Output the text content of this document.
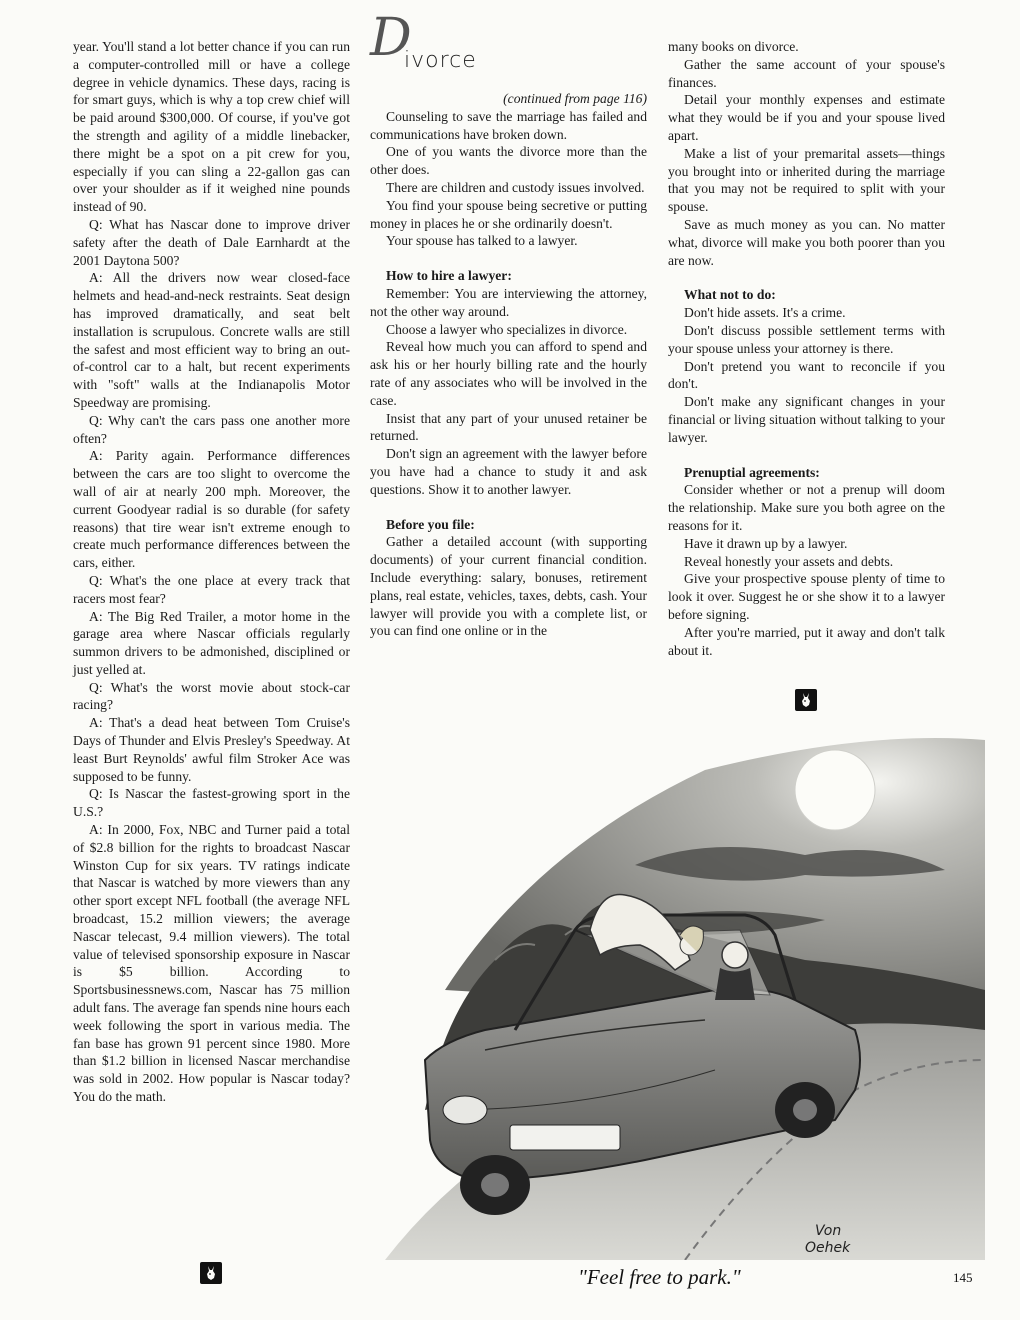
year. You'll stand a lot better chance if you can run a computer-controlled mill or have a college degree in vehicle dynamics. These days, racing is for smart guys, which is why a top crew chief will be paid around $300,000. Of course, if you've got the strength and agility of a middle linebacker, there might be a spot on a pit crew for you, especially if you can sling a 22-gallon gas can over your shoulder as if it weighed nine pounds instead of 90.

Q: What has Nascar done to improve driver safety after the death of Dale Earnhardt at the 2001 Daytona 500?

A: All the drivers now wear closed-face helmets and head-and-neck restraints. Seat design has improved dramatically, and seat belt installation is scrupulous. Concrete walls are still the safest and most efficient way to bring an out-of-control car to a halt, but recent experiments with "soft" walls at the Indianapolis Motor Speedway are promising.

Q: Why can't the cars pass one another more often?

A: Parity again. Performance differences between the cars are too slight to overcome the wall of air at nearly 200 mph. Moreover, the current Goodyear radial is so durable (for safety reasons) that tire wear isn't extreme enough to create much performance differences between the cars, either.

Q: What's the one place at every track that racers most fear?

A: The Big Red Trailer, a motor home in the garage area where Nascar officials regularly summon drivers to be admonished, disciplined or just yelled at.

Q: What's the worst movie about stock-car racing?

A: That's a dead heat between Tom Cruise's Days of Thunder and Elvis Presley's Speedway. At least Burt Reynolds' awful film Stroker Ace was supposed to be funny.

Q: Is Nascar the fastest-growing sport in the U.S.?

A: In 2000, Fox, NBC and Turner paid a total of $2.8 billion for the rights to broadcast Nascar Winston Cup for six years. TV ratings indicate that Nascar is watched by more viewers than any other sport except NFL football (the average NFL broadcast, 15.2 million viewers; the average Nascar telecast, 9.4 million viewers). The total value of televised sponsorship exposure in Nascar is $5 billion. According to Sportsbusinessnews.com, Nascar has 75 million adult fans. The average fan spends nine hours each week following the sport in various media. The fan base has grown 91 percent since 1980. More than $1.2 billion in licensed Nascar merchandise was sold in 2002. How popular is Nascar today? You do the math.

D
ivorce

(continued from page 116)

Counseling to save the marriage has failed and communications have broken down.

One of you wants the divorce more than the other does.

There are children and custody issues involved.

You find your spouse being secretive or putting money in places he or she ordinarily doesn't.

Your spouse has talked to a lawyer.

How to hire a lawyer:

Remember: You are interviewing the attorney, not the other way around.

Choose a lawyer who specializes in divorce.

Reveal how much you can afford to spend and ask his or her hourly billing rate and the hourly rate of any associates who will be involved in the case.

Insist that any part of your unused retainer be returned.

Don't sign an agreement with the lawyer before you have had a chance to study it and ask questions. Show it to another lawyer.

Before you file:

Gather a detailed account (with supporting documents) of your current financial condition. Include everything: salary, bonuses, retirement plans, real estate, vehicles, taxes, debts, cash. Your lawyer will provide you with a complete list, or you can find one online or in the

many books on divorce.

Gather the same account of your spouse's finances.

Detail your monthly expenses and estimate what they would be if you and your spouse lived apart.

Make a list of your premarital assets—things you brought into or inherited during the marriage that you may not be required to split with your spouse.

Save as much money as you can. No matter what, divorce will make you both poorer than you are now.

What not to do:

Don't hide assets. It's a crime.

Don't discuss possible settlement terms with your spouse unless your attorney is there.

Don't pretend you want to reconcile if you don't.

Don't make any significant changes in your financial or living situation without talking to your lawyer.

Prenuptial agreements:

Consider whether or not a prenup will doom the relationship. Make sure you both agree on the reasons for it.

Have it drawn up by a lawyer.

Reveal honestly your assets and debts.

Give your prospective spouse plenty of time to look it over. Suggest he or she show it to a lawyer before signing.

After you're married, put it away and don't talk about it.

Von
Oehek
"Feel free to park."	145
